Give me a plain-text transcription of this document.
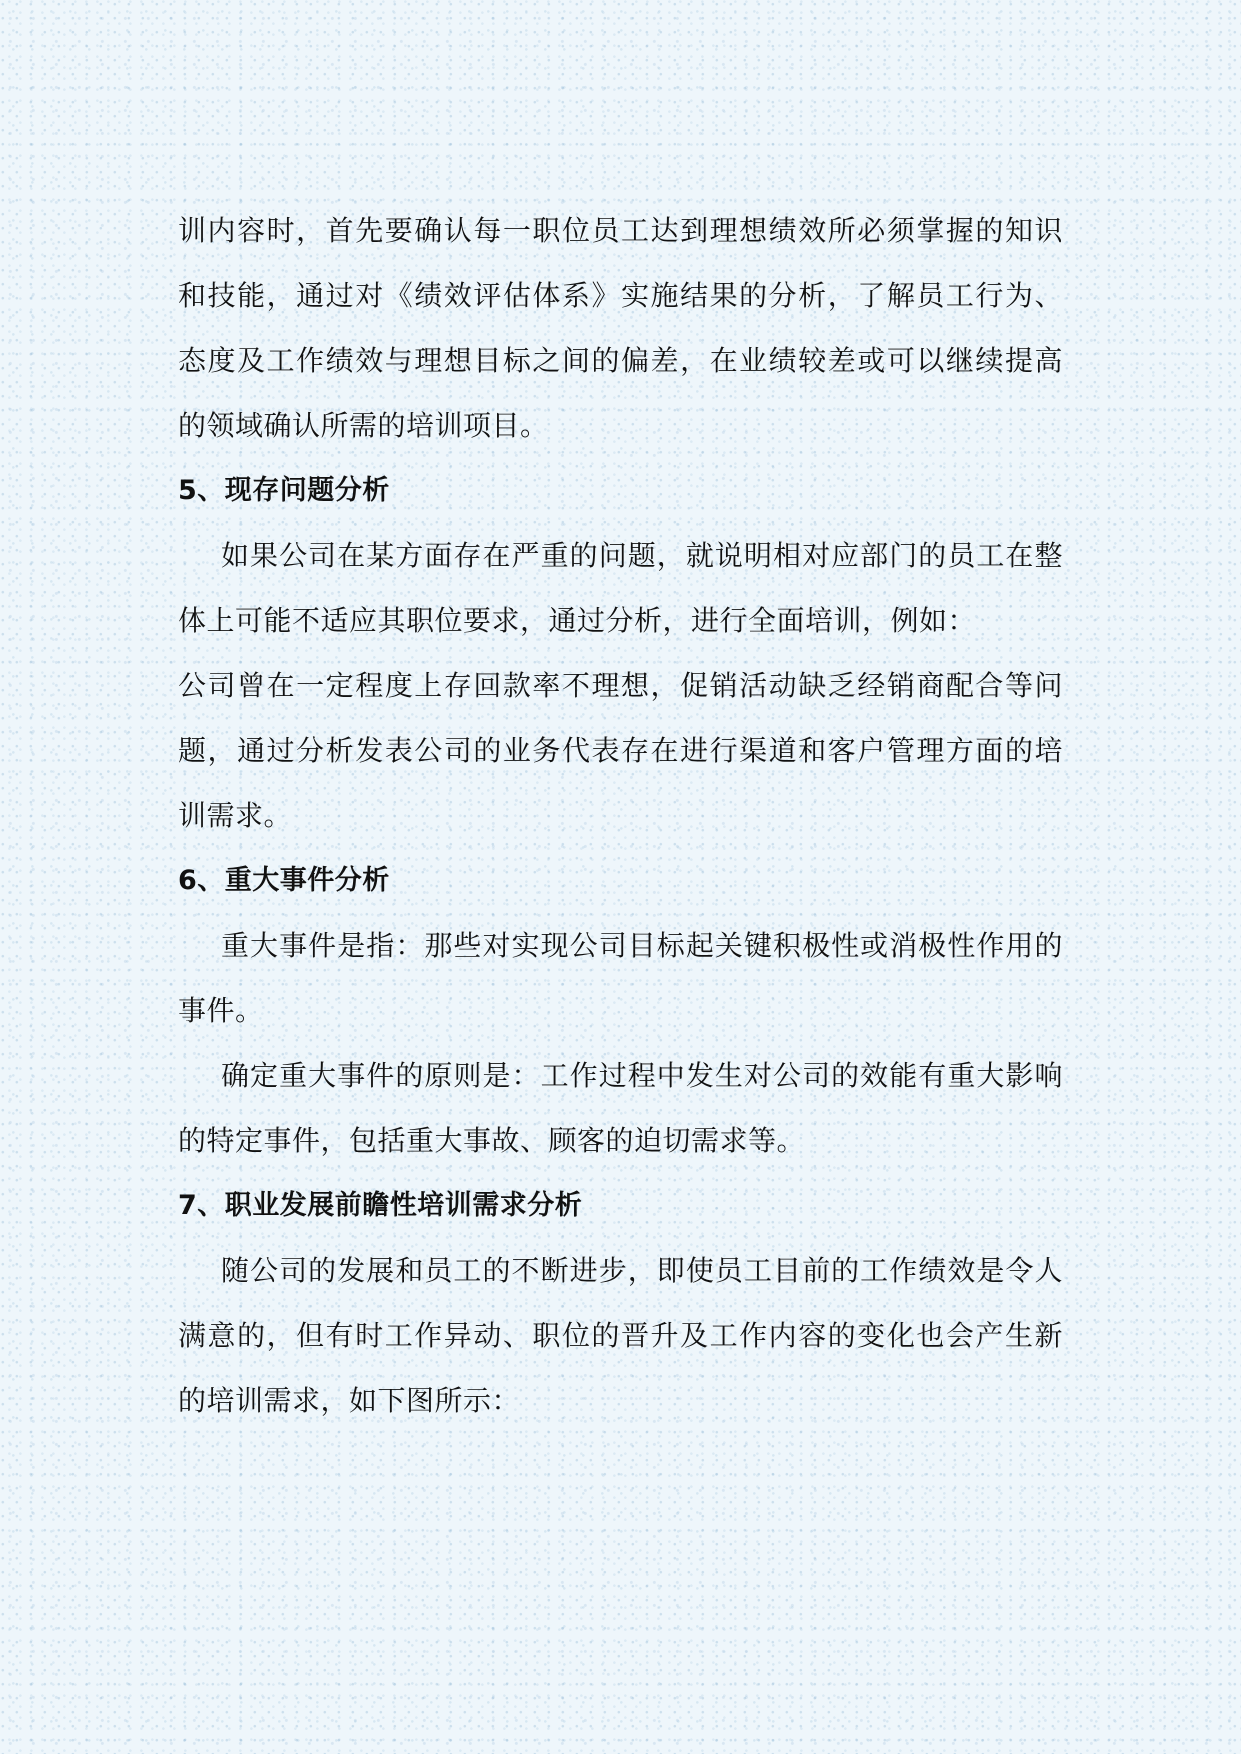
训内容时，首先要确认每一职位员工达到理想绩效所必须掌握的知识
和技能，通过对《绩效评估体系》实施结果的分析，了解员工行为、
态度及工作绩效与理想目标之间的偏差，在业绩较差或可以继续提高
的领域确认所需的培训项目。
5、现存问题分析
如果公司在某方面存在严重的问题，就说明相对应部门的员工在整
体上可能不适应其职位要求，通过分析，进行全面培训，例如：
公司曾在一定程度上存回款率不理想，促销活动缺乏经销商配合等问
题，通过分析发表公司的业务代表存在进行渠道和客户管理方面的培
训需求。
6、重大事件分析
重大事件是指：那些对实现公司目标起关键积极性或消极性作用的
事件。
确定重大事件的原则是：工作过程中发生对公司的效能有重大影响
的特定事件，包括重大事故、顾客的迫切需求等。
7、职业发展前瞻性培训需求分析
随公司的发展和员工的不断进步，即使员工目前的工作绩效是令人
满意的，但有时工作异动、职位的晋升及工作内容的变化也会产生新
的培训需求，如下图所示：
